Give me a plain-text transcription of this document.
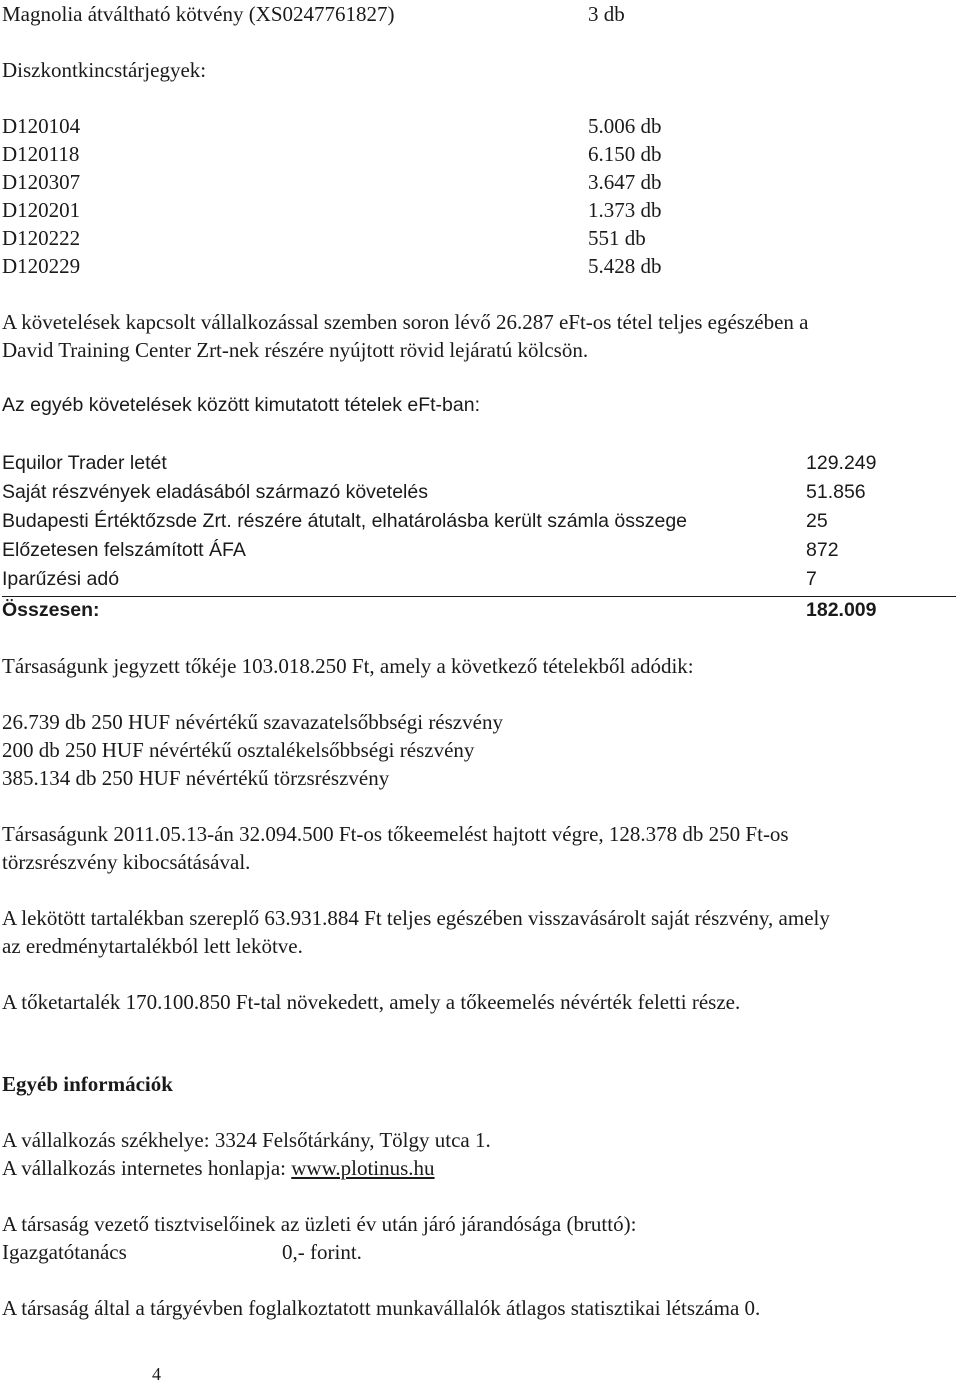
Magnolia átváltható kötvény (XS0247761827)	3 db
Diszkontkincstárjegyek:
D120104	5.006 db
D120118	6.150 db
D120307	3.647 db
D120201	1.373 db
D120222	551 db
D120229	5.428 db
A követelések kapcsolt vállalkozással szemben soron lévő 26.287 eFt-os tétel teljes egészében a
David Training Center Zrt-nek részére nyújtott rövid lejáratú kölcsön.
Az egyéb követelések között kimutatott tételek eFt-ban:
Equilor Trader letét	129.249
Saját részvények eladásából származó követelés	51.856
Budapesti Értéktőzsde Zrt. részére átutalt, elhatárolásba került számla összege	25
Előzetesen felszámított ÁFA	872
Iparűzési adó	7
Összesen:	182.009
Társaságunk jegyzett tőkéje 103.018.250 Ft, amely a következő tételekből adódik:
26.739 db 250 HUF névértékű szavazatelsőbbségi részvény
200 db 250 HUF névértékű osztalékelsőbbségi részvény
385.134 db 250 HUF névértékű törzsrészvény
Társaságunk 2011.05.13-án 32.094.500 Ft-os tőkeemelést hajtott végre, 128.378 db 250 Ft-os
törzsrészvény kibocsátásával.
A lekötött tartalékban szereplő 63.931.884 Ft teljes egészében visszavásárolt saját részvény, amely
az eredménytartalékból lett lekötve.
A tőketartalék 170.100.850 Ft-tal növekedett, amely a tőkeemelés névérték feletti része.
Egyéb információk
A vállalkozás székhelye: 3324 Felsőtárkány, Tölgy utca 1.
A vállalkozás internetes honlapja: www.plotinus.hu
A társaság vezető tisztviselőinek az üzleti év után járó járandósága (bruttó):
Igazgatótanács	0,- forint.
A társaság által a tárgyévben foglalkoztatott munkavállalók átlagos statisztikai létszáma 0.
4
